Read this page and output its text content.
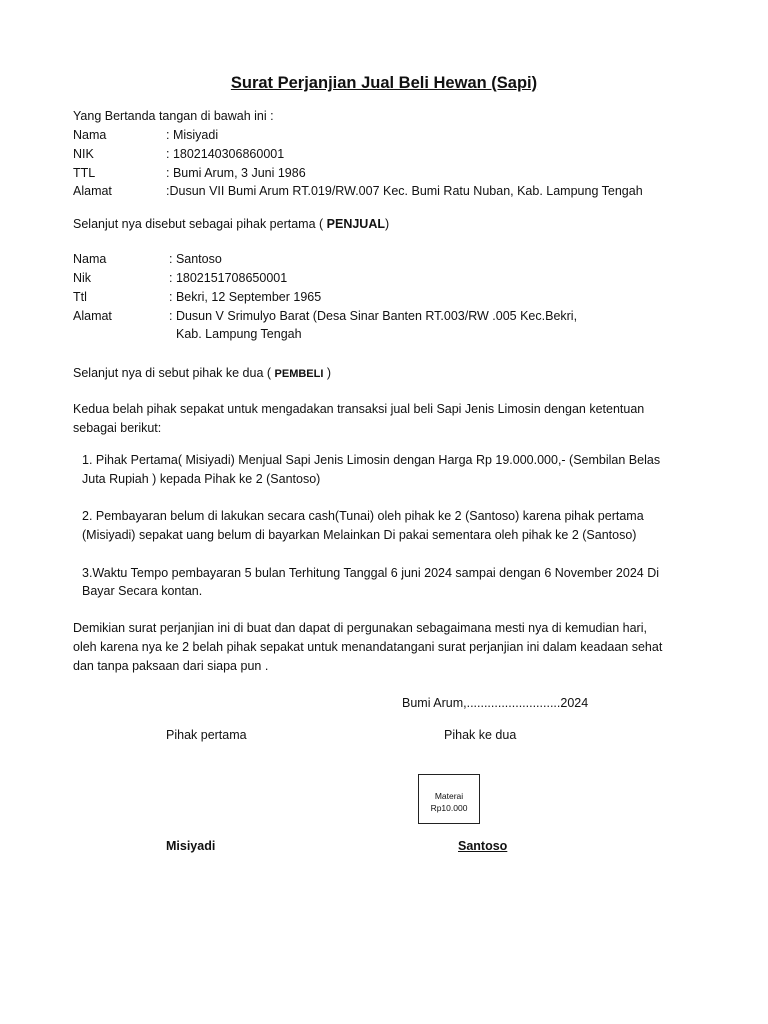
Surat Perjanjian Jual Beli Hewan (Sapi)
Yang Bertanda tangan di bawah ini :
Nama	: Misiyadi
NIK	: 1802140306860001
TTL	: Bumi Arum, 3 Juni 1986
Alamat	:Dusun VII Bumi Arum RT.019/RW.007 Kec. Bumi Ratu Nuban, Kab. Lampung Tengah
Selanjut nya disebut sebagai pihak pertama ( PENJUAL)
Nama	: Santoso
Nik	: 1802151708650001
Ttl	: Bekri, 12 September 1965
Alamat	: Dusun V Srimulyo Barat (Desa Sinar Banten RT.003/RW .005 Kec.Bekri,
Kab. Lampung Tengah
Selanjut nya di sebut pihak ke dua ( PEMBELI )
Kedua belah pihak sepakat untuk mengadakan transaksi jual beli Sapi Jenis Limosin dengan ketentuan
sebagai berikut:
1. Pihak Pertama( Misiyadi) Menjual Sapi Jenis Limosin dengan Harga Rp 19.000.000,- (Sembilan Belas
Juta Rupiah ) kepada Pihak ke 2 (Santoso)
2. Pembayaran belum di lakukan secara cash(Tunai) oleh pihak ke 2 (Santoso) karena pihak pertama
(Misiyadi) sepakat uang belum di bayarkan Melainkan Di pakai sementara oleh pihak ke 2 (Santoso)
3.Waktu Tempo pembayaran 5 bulan Terhitung Tanggal 6 juni 2024 sampai dengan 6 November 2024 Di
Bayar Secara kontan.
Demikian surat perjanjian ini di buat dan dapat di pergunakan sebagaimana mesti nya di kemudian hari,
oleh karena nya ke 2 belah pihak sepakat untuk menandatangani surat perjanjian ini dalam keadaan sehat
dan tanpa paksaan dari siapa pun .
Bumi Arum,...........................2024
Pihak pertama	Pihak ke dua
Materai
Rp10.000
Misiyadi	Santoso
